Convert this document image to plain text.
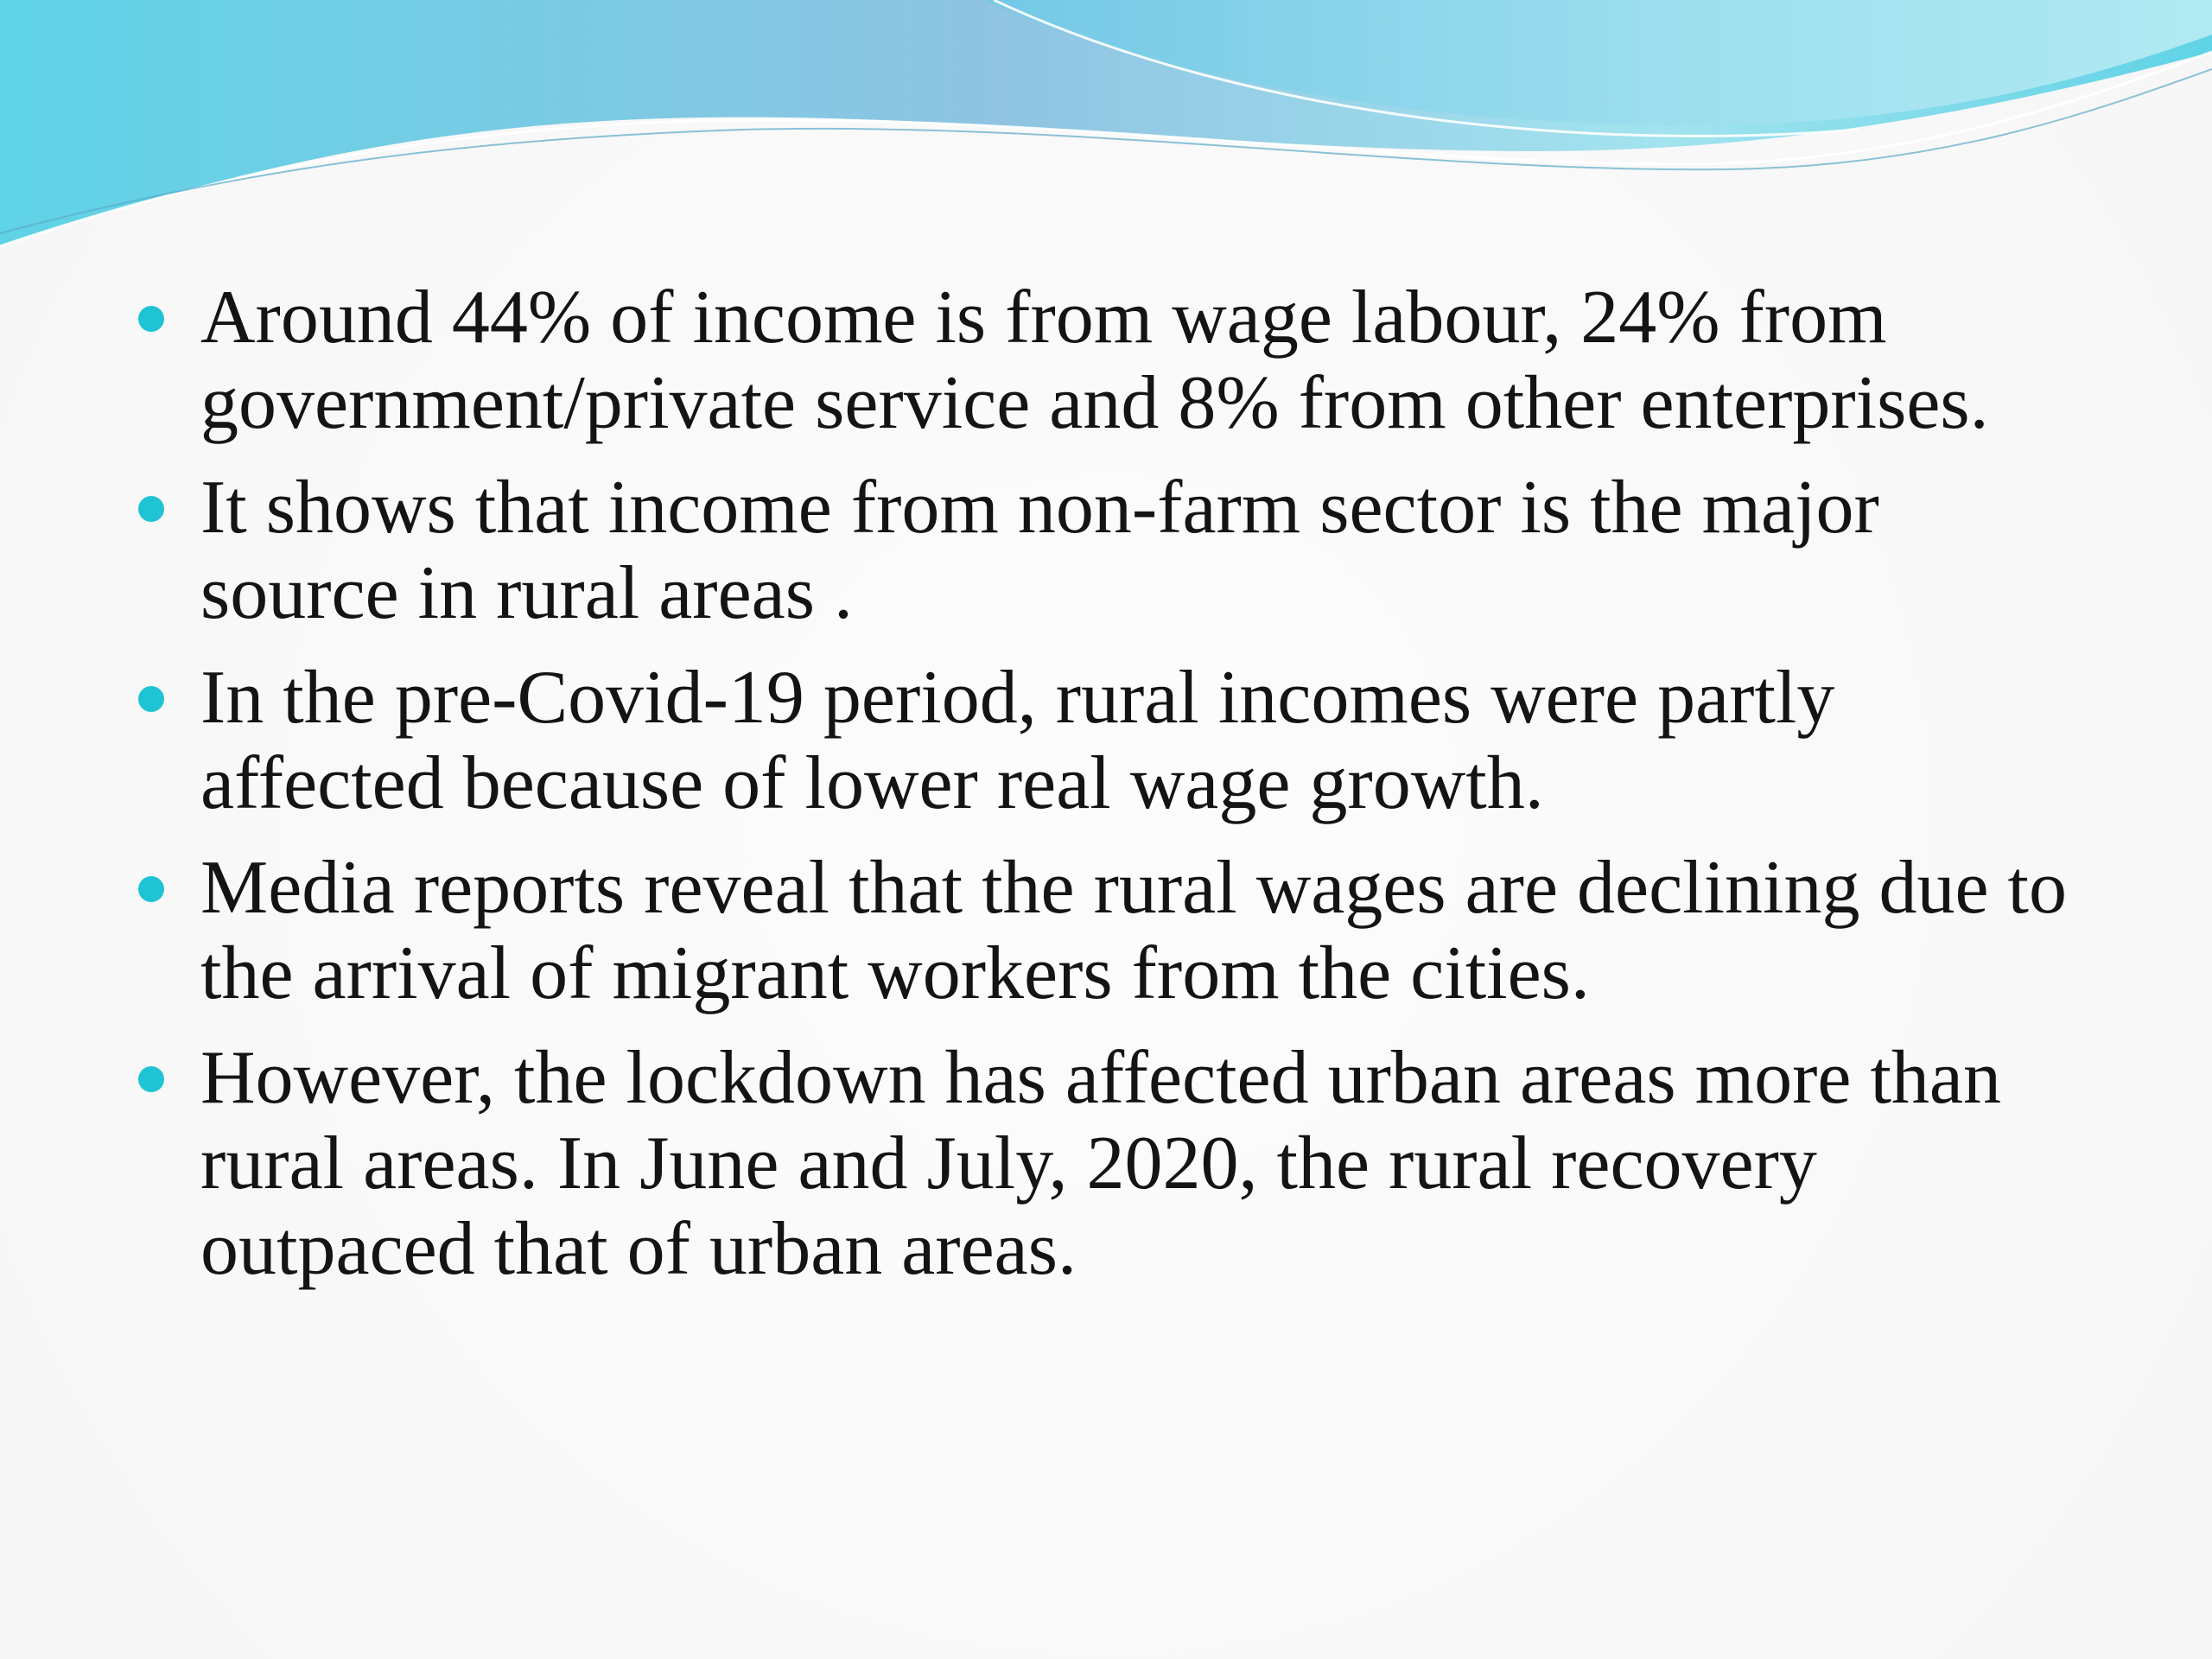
Around 44% of income is from wage labour, 24% from government/private service and 8% from other enterprises.
It shows that income from non-farm sector is the major source in rural areas .
In the pre-Covid-19 period, rural incomes were partly affected because of lower real wage growth.
Media reports reveal that the rural wages are declining due to the arrival of migrant workers from the cities.
However, the lockdown has affected urban areas more than rural areas. In June and July, 2020, the rural recovery outpaced that of urban areas.
